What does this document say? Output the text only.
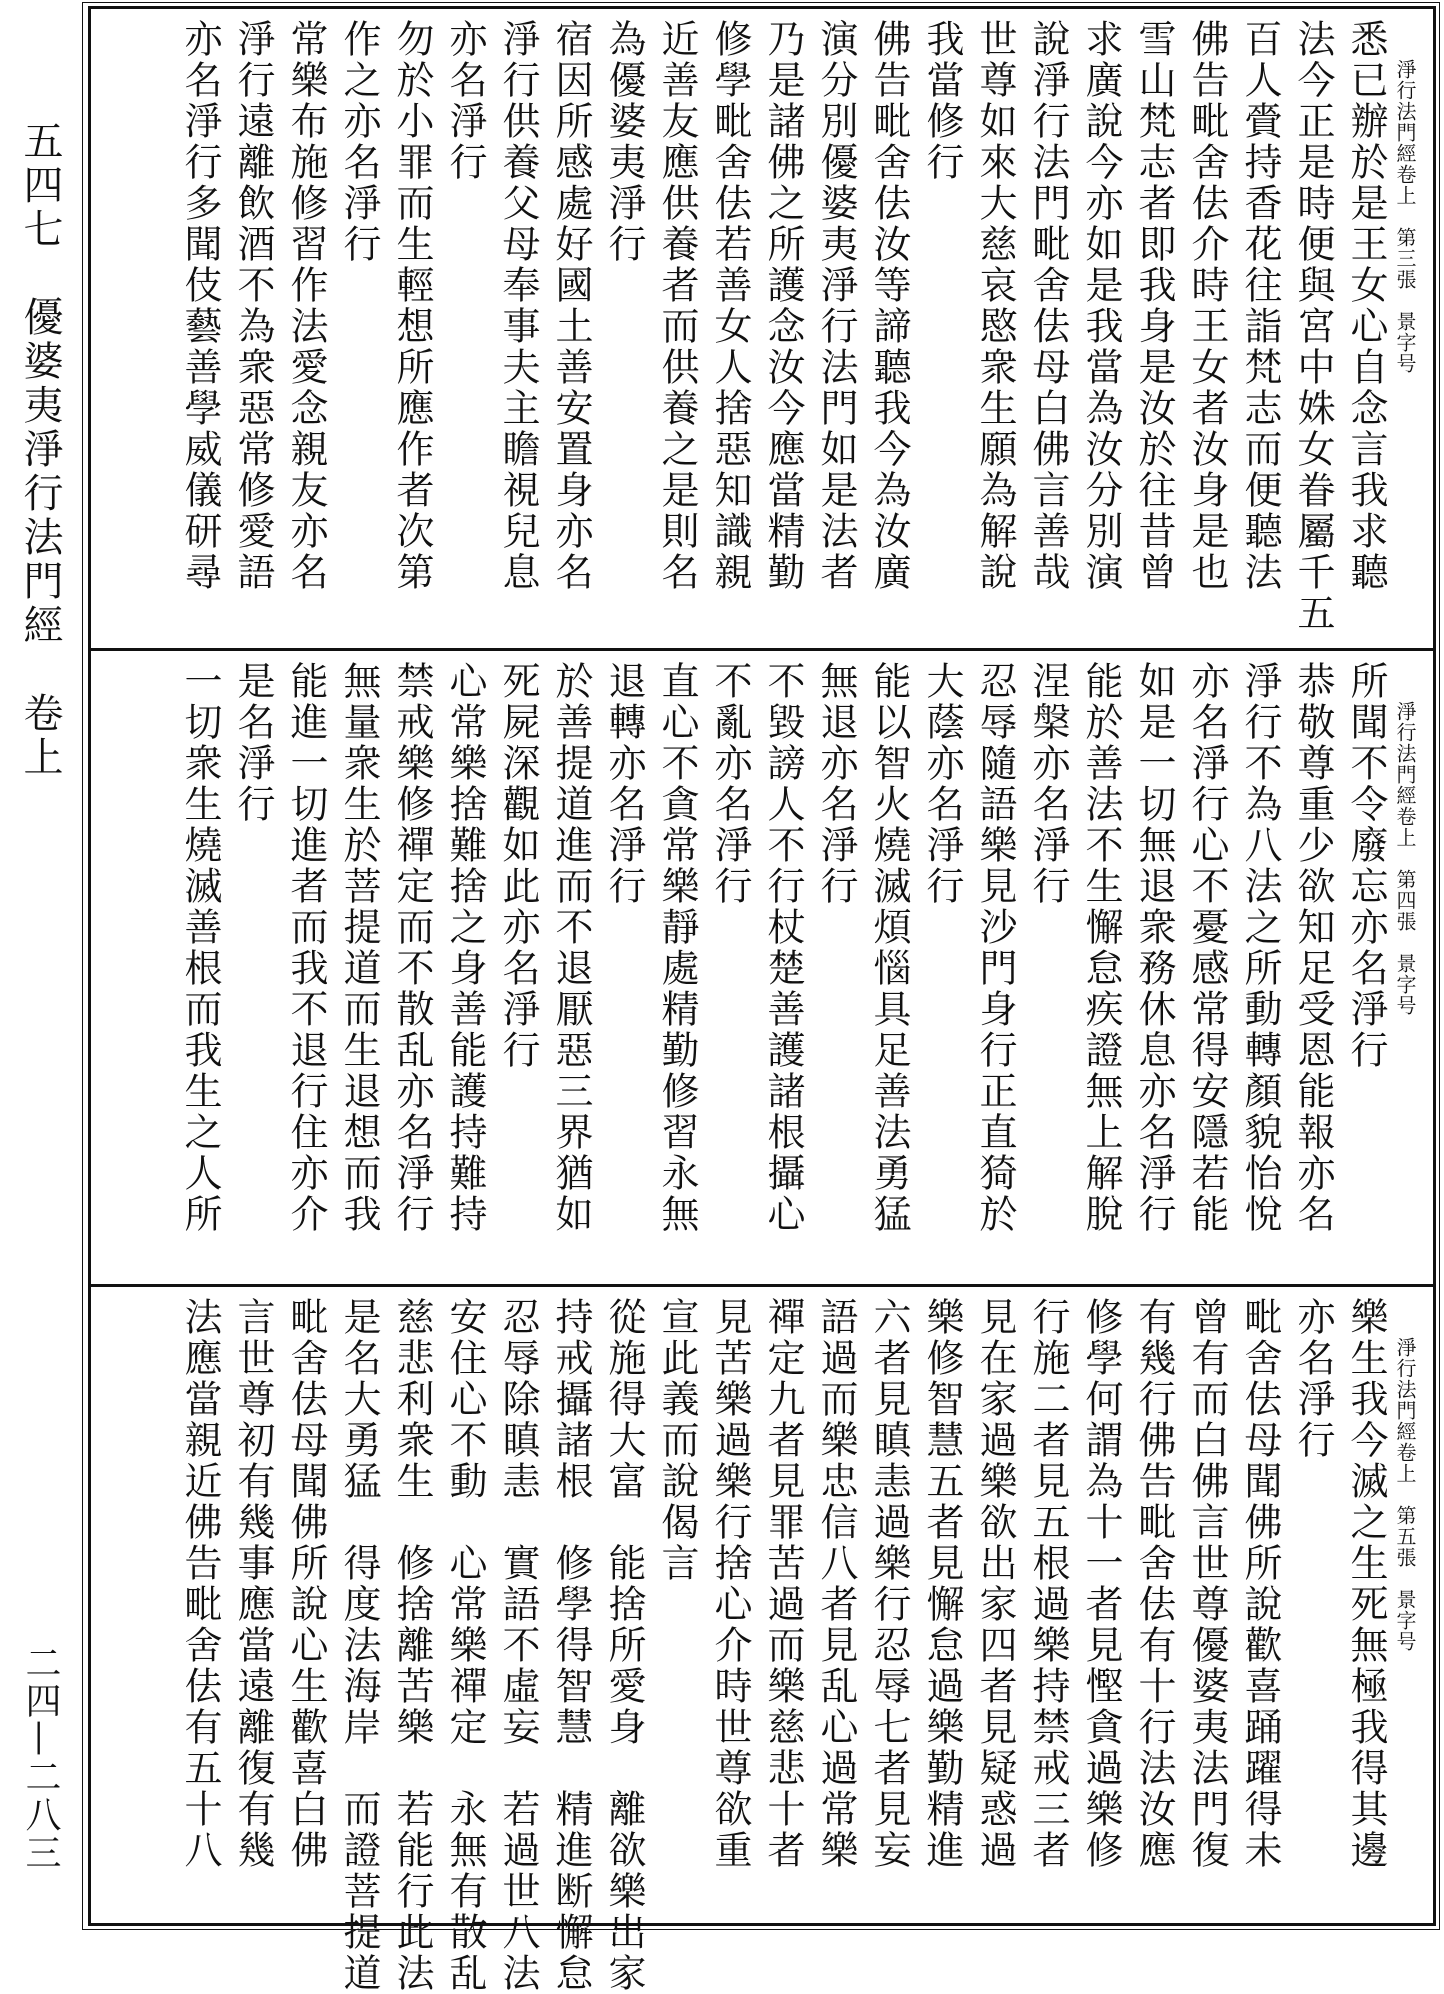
五四七　優婆夷淨行法門經　卷上
二四—二八三
淨行法門經卷上　第三張　景字号
悉已辦於是王女心自念言我求聽
法今正是時便與宮中姝女眷屬千五
百人賫持香花往詣梵志而便聽法
佛告毗舍佉介時王女者汝身是也
雪山梵志者即我身是汝於往昔曾
求廣說今亦如是我當為汝分別演
說淨行法門毗舍佉母白佛言善哉
世尊如來大慈哀愍衆生願為解說
我當修行
佛告毗舍佉汝等諦聽我今為汝廣
演分別優婆夷淨行法門如是法者
乃是諸佛之所護念汝今應當精勤
修學毗舍佉若善女人捨惡知識親
近善友應供養者而供養之是則名
為優婆夷淨行
宿因所感處好國土善安置身亦名
淨行供養父母奉事夫主瞻視兒息
亦名淨行
勿於小罪而生輕想所應作者次第
作之亦名淨行
常樂布施修習作法愛念親友亦名
淨行遠離飲酒不為衆惡常修愛語
亦名淨行多聞伎藝善學威儀研尋
淨行法門經卷上　第四張　景字号
所聞不令廢忘亦名淨行
恭敬尊重少欲知足受恩能報亦名
淨行不為八法之所動轉顏貌怡悅
亦名淨行心不憂感常得安隱若能
如是一切無退衆務休息亦名淨行
能於善法不生懈怠疾證無上解脫
涅槃亦名淨行
忍辱隨語樂見沙門身行正直猗於
大蔭亦名淨行
能以智火燒滅煩惱具足善法勇猛
無退亦名淨行
不毀謗人不行杖楚善護諸根攝心
不亂亦名淨行
直心不貪常樂靜處精勤修習永無
退轉亦名淨行
於善提道進而不退厭惡三界猶如
死屍深觀如此亦名淨行
心常樂捨難捨之身善能護持難持
禁戒樂修禪定而不散乱亦名淨行
無量衆生於菩提道而生退想而我
能進一切進者而我不退行住亦介
是名淨行
一切衆生燒滅善根而我生之人所
淨行法門經卷上　第五張　景字号
樂生我今滅之生死無極我得其邊
亦名淨行
毗舍佉母聞佛所說歡喜踊躍得未
曾有而白佛言世尊優婆夷法門復
有幾行佛告毗舍佉有十行法汝應
修學何謂為十一者見慳貪過樂修
行施二者見五根過樂持禁戒三者
見在家過樂欲出家四者見疑惑過
樂修智慧五者見懈怠過樂勤精進
六者見瞋恚過樂行忍辱七者見妄
語過而樂忠信八者見乱心過常樂
禪定九者見罪苦過而樂慈悲十者
見苦樂過樂行捨心介時世尊欲重
宣此義而說偈言
從施得大富　能捨所愛身　離欲樂出家
持戒攝諸根　修學得智慧　精進断懈怠
忍辱除瞋恚　實語不虛妄　若過世八法
安住心不動　心常樂禪定　永無有散乱
慈悲利衆生　修捨離苦樂　若能行此法
是名大勇猛　得度法海岸　而證菩提道
毗舍佉母聞佛所說心生歡喜白佛
言世尊初有幾事應當遠離復有幾
法應當親近佛告毗舍佉有五十八
